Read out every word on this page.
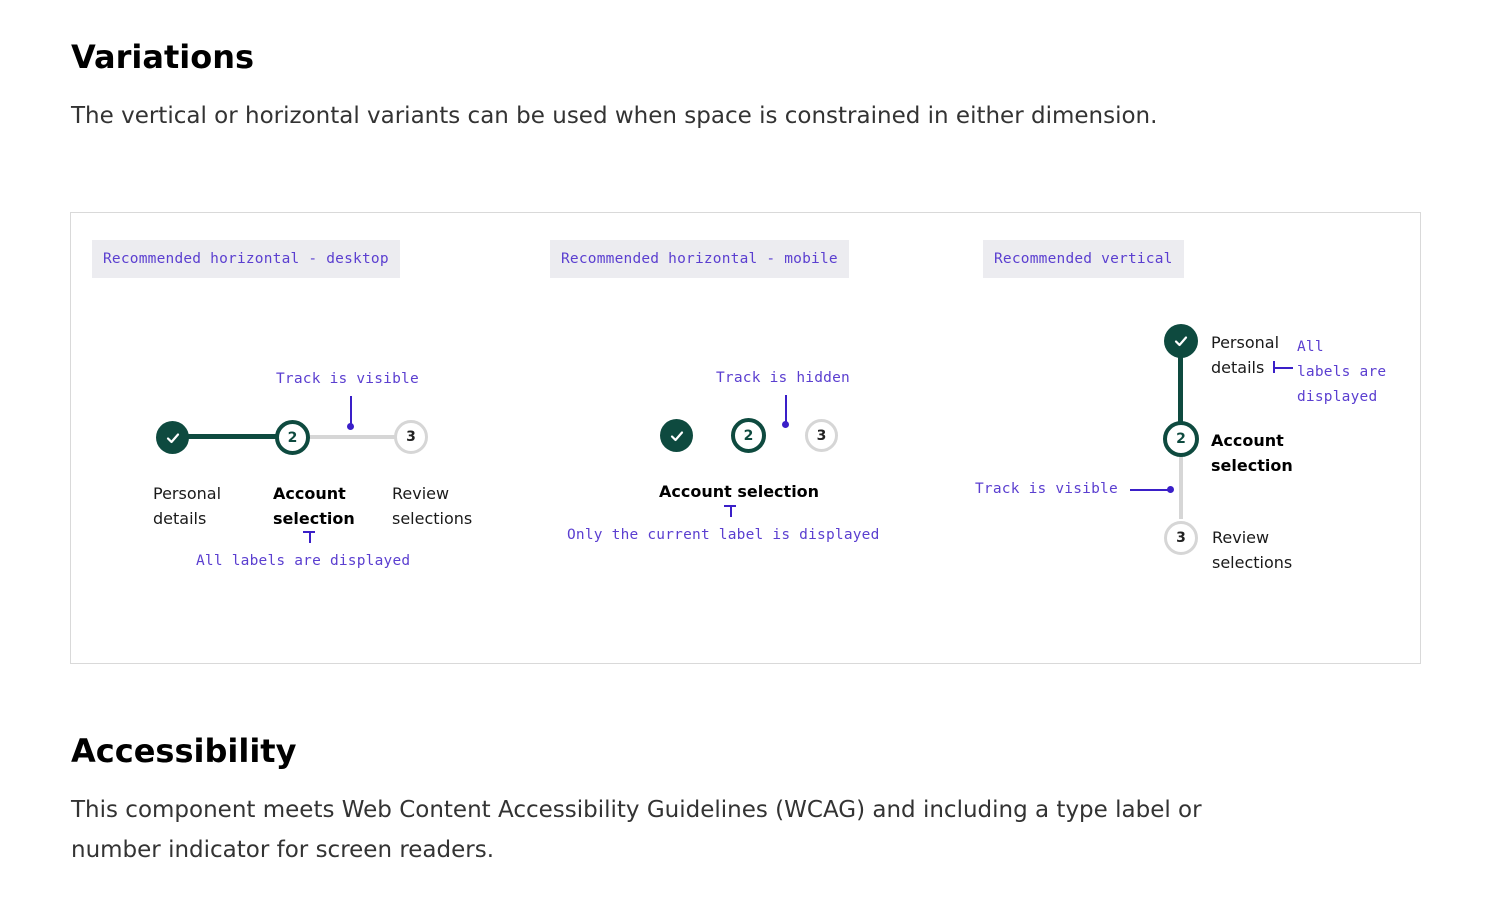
Variations

The vertical or horizontal variants can be used when space is constrained in either dimension.

Recommended horizontal - desktop
Track is visible
2	3
Personal
details
Account
selection
Review
selections
All labels are displayed
Recommended horizontal - mobile
Track is hidden
2	3
Account selection
Only the current label is displayed
Recommended vertical
2
3
Personal
details
All
labels are
displayed
Account
selection
Track is visible
Review
selections
Accessibility

This component meets Web Content Accessibility Guidelines (WCAG) and including a type label or
number indicator for screen readers.
